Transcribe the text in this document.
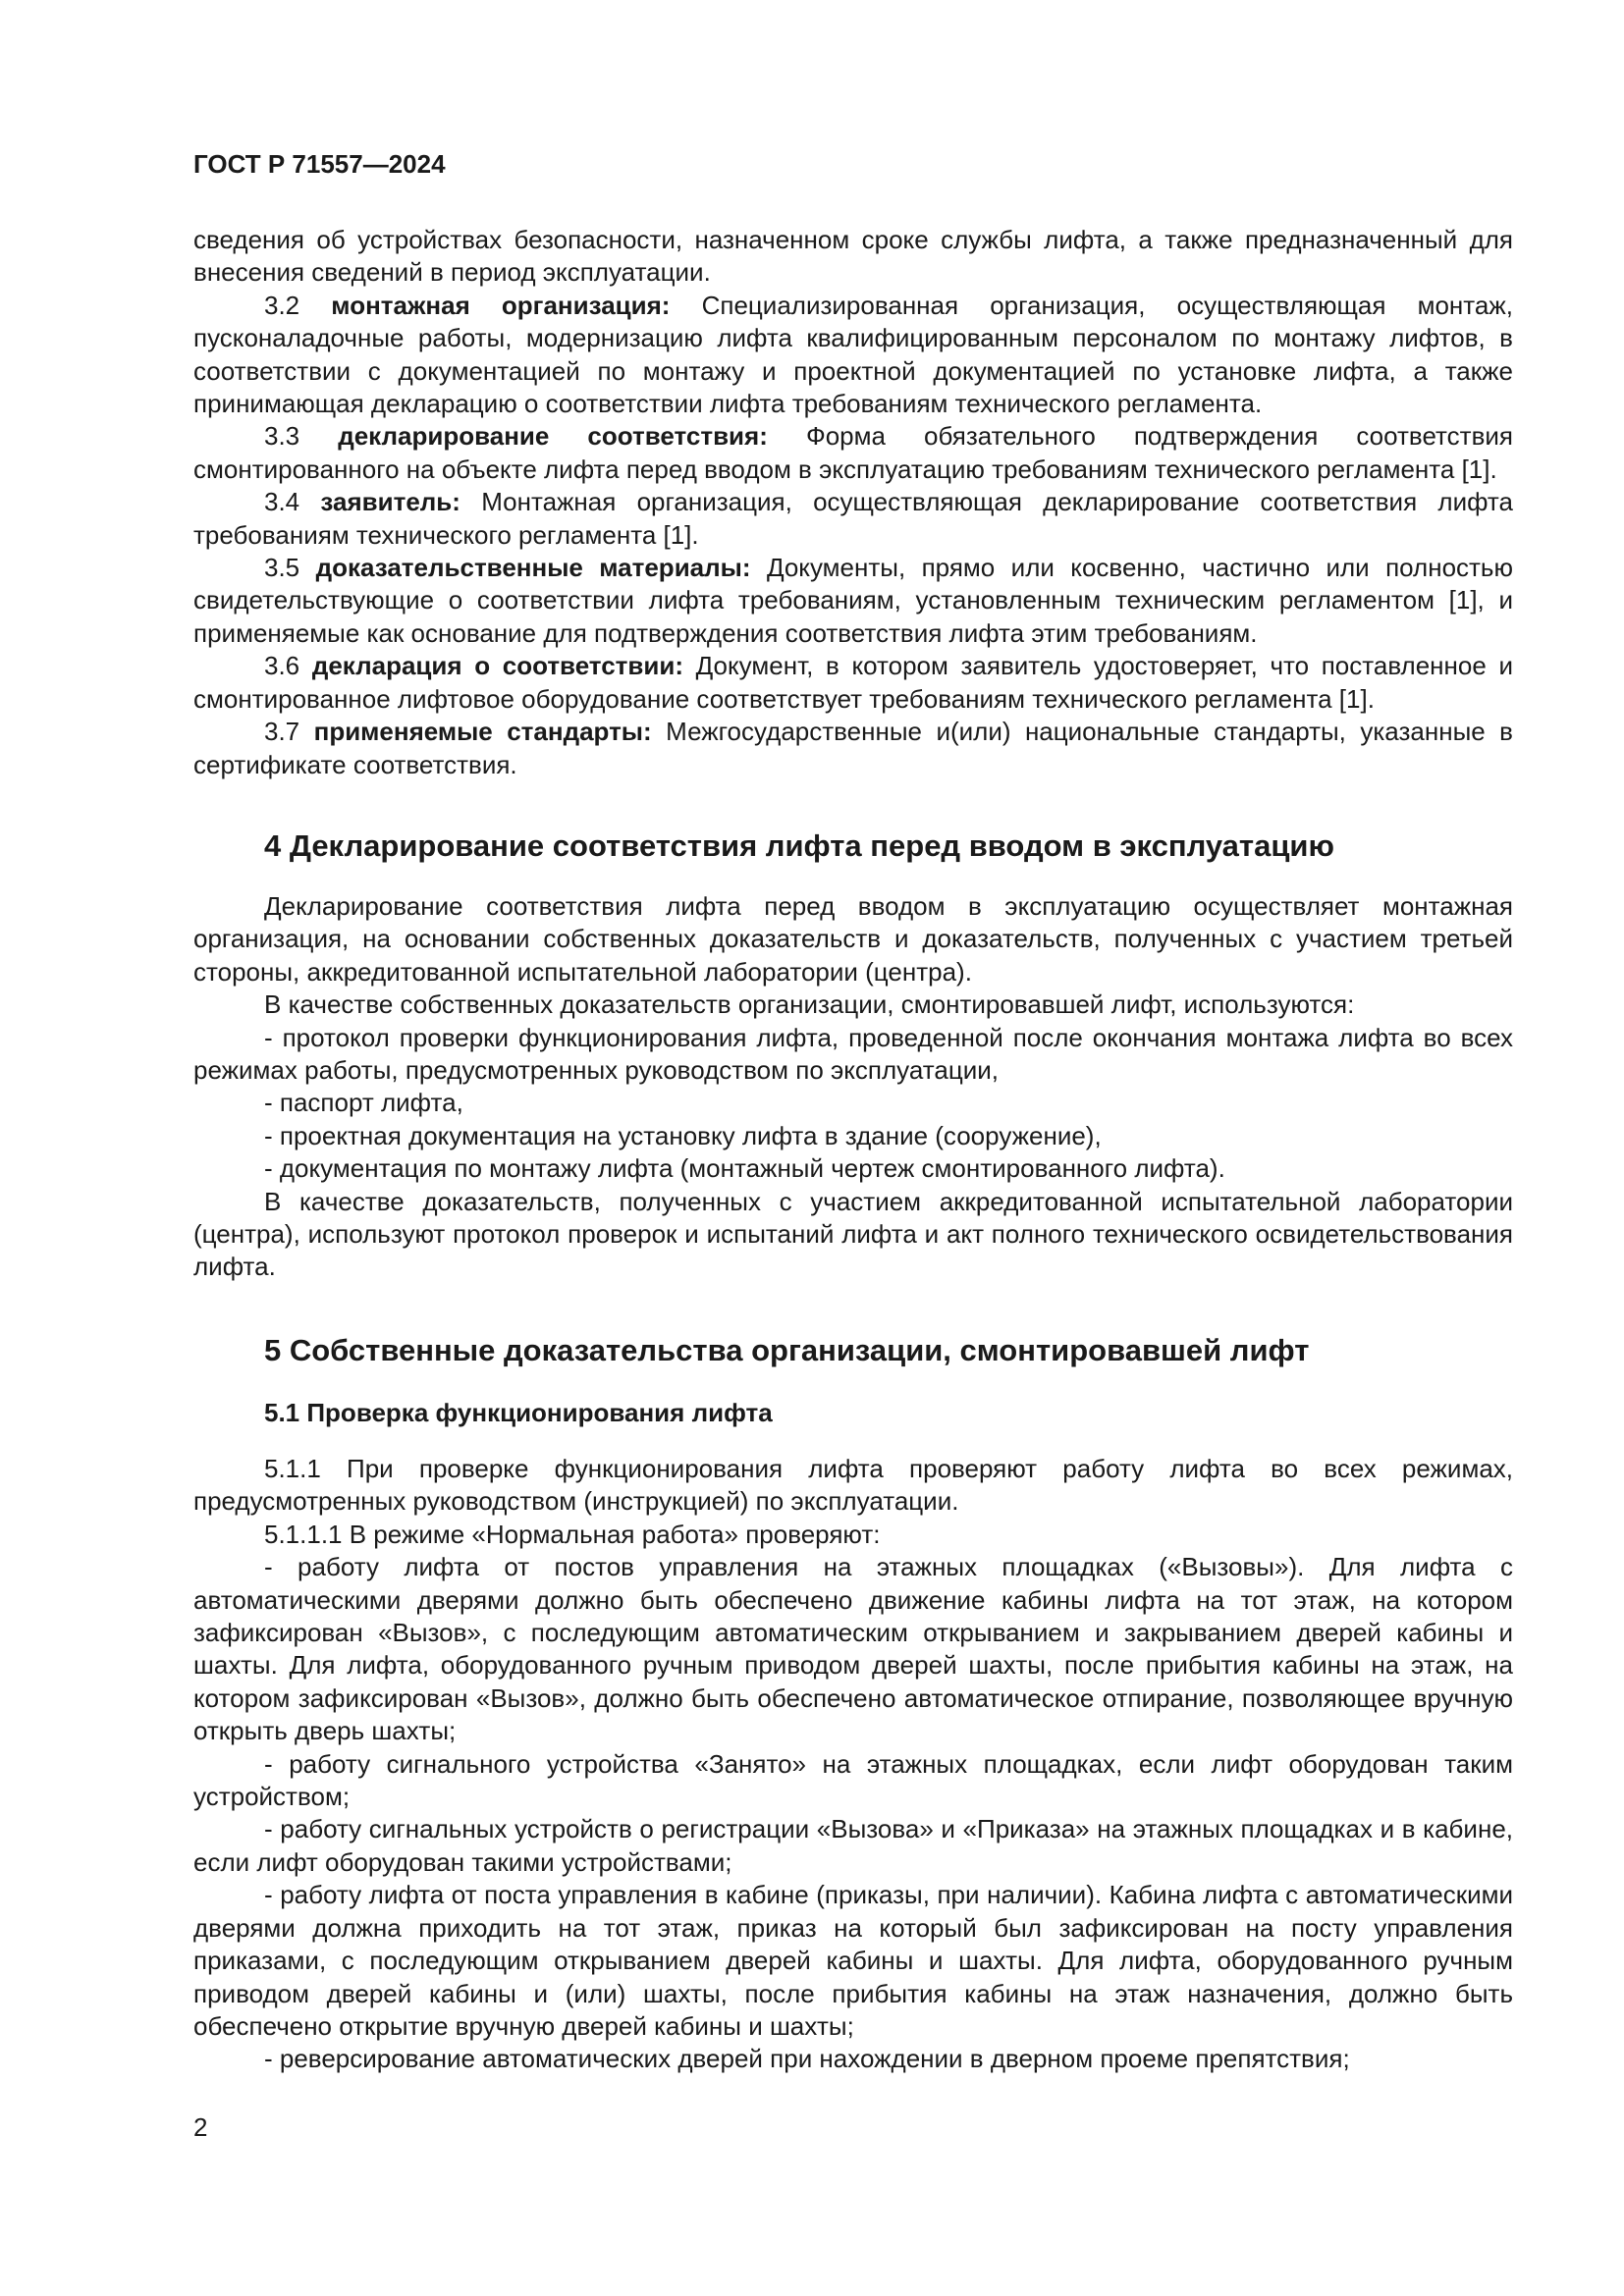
ГОСТ Р 71557—2024

сведения об устройствах безопасности, назначенном сроке службы лифта, а также предназначенный для внесения сведений в период эксплуатации.

3.2 монтажная организация: Специализированная организация, осуществляющая монтаж, пусконаладочные работы, модернизацию лифта квалифицированным персоналом по монтажу лифтов, в соответствии с документацией по монтажу и проектной документацией по установке лифта, а также принимающая декларацию о соответствии лифта требованиям технического регламента.

3.3 декларирование соответствия: Форма обязательного подтверждения соответствия смонтированного на объекте лифта перед вводом в эксплуатацию требованиям технического регламента [1].

3.4 заявитель: Монтажная организация, осуществляющая декларирование соответствия лифта требованиям технического регламента [1].

3.5 доказательственные материалы: Документы, прямо или косвенно, частично или полностью свидетельствующие о соответствии лифта требованиям, установленным техническим регламентом [1], и применяемые как основание для подтверждения соответствия лифта этим требованиям.

3.6 декларация о соответствии: Документ, в котором заявитель удостоверяет, что поставленное и смонтированное лифтовое оборудование соответствует требованиям технического регламента [1].

3.7 применяемые стандарты: Межгосударственные и(или) национальные стандарты, указанные в сертификате соответствия.

4 Декларирование соответствия лифта перед вводом в эксплуатацию

Декларирование соответствия лифта перед вводом в эксплуатацию осуществляет монтажная организация, на основании собственных доказательств и доказательств, полученных с участием третьей стороны, аккредитованной испытательной лаборатории (центра).

В качестве собственных доказательств организации, смонтировавшей лифт, используются:

- протокол проверки функционирования лифта, проведенной после окончания монтажа лифта во всех режимах работы, предусмотренных руководством по эксплуатации,

- паспорт лифта,

- проектная документация на установку лифта в здание (сооружение),

- документация по монтажу лифта (монтажный чертеж смонтированного лифта).

В качестве доказательств, полученных с участием аккредитованной испытательной лаборатории (центра), используют протокол проверок и испытаний лифта и акт полного технического освидетельствования лифта.

5 Собственные доказательства организации, смонтировавшей лифт
5.1 Проверка функционирования лифта

5.1.1 При проверке функционирования лифта проверяют работу лифта во всех режимах, предусмотренных руководством (инструкцией) по эксплуатации.

5.1.1.1 В режиме «Нормальная работа» проверяют:

- работу лифта от постов управления на этажных площадках («Вызовы»). Для лифта с автоматическими дверями должно быть обеспечено движение кабины лифта на тот этаж, на котором зафиксирован «Вызов», с последующим автоматическим открыванием и закрыванием дверей кабины и шахты. Для лифта, оборудованного ручным приводом дверей шахты, после прибытия кабины на этаж, на котором зафиксирован «Вызов», должно быть обеспечено автоматическое отпирание, позволяющее вручную открыть дверь шахты;

- работу сигнального устройства «Занято» на этажных площадках, если лифт оборудован таким устройством;

- работу сигнальных устройств о регистрации «Вызова» и «Приказа» на этажных площадках и в кабине, если лифт оборудован такими устройствами;

- работу лифта от поста управления в кабине (приказы, при наличии). Кабина лифта с автоматическими дверями должна приходить на тот этаж, приказ на который был зафиксирован на посту управления приказами, с последующим открыванием дверей кабины и шахты. Для лифта, оборудованного ручным приводом дверей кабины и (или) шахты, после прибытия кабины на этаж назначения, должно быть обеспечено открытие вручную дверей кабины и шахты;

- реверсирование автоматических дверей при нахождении в дверном проеме препятствия;

2
